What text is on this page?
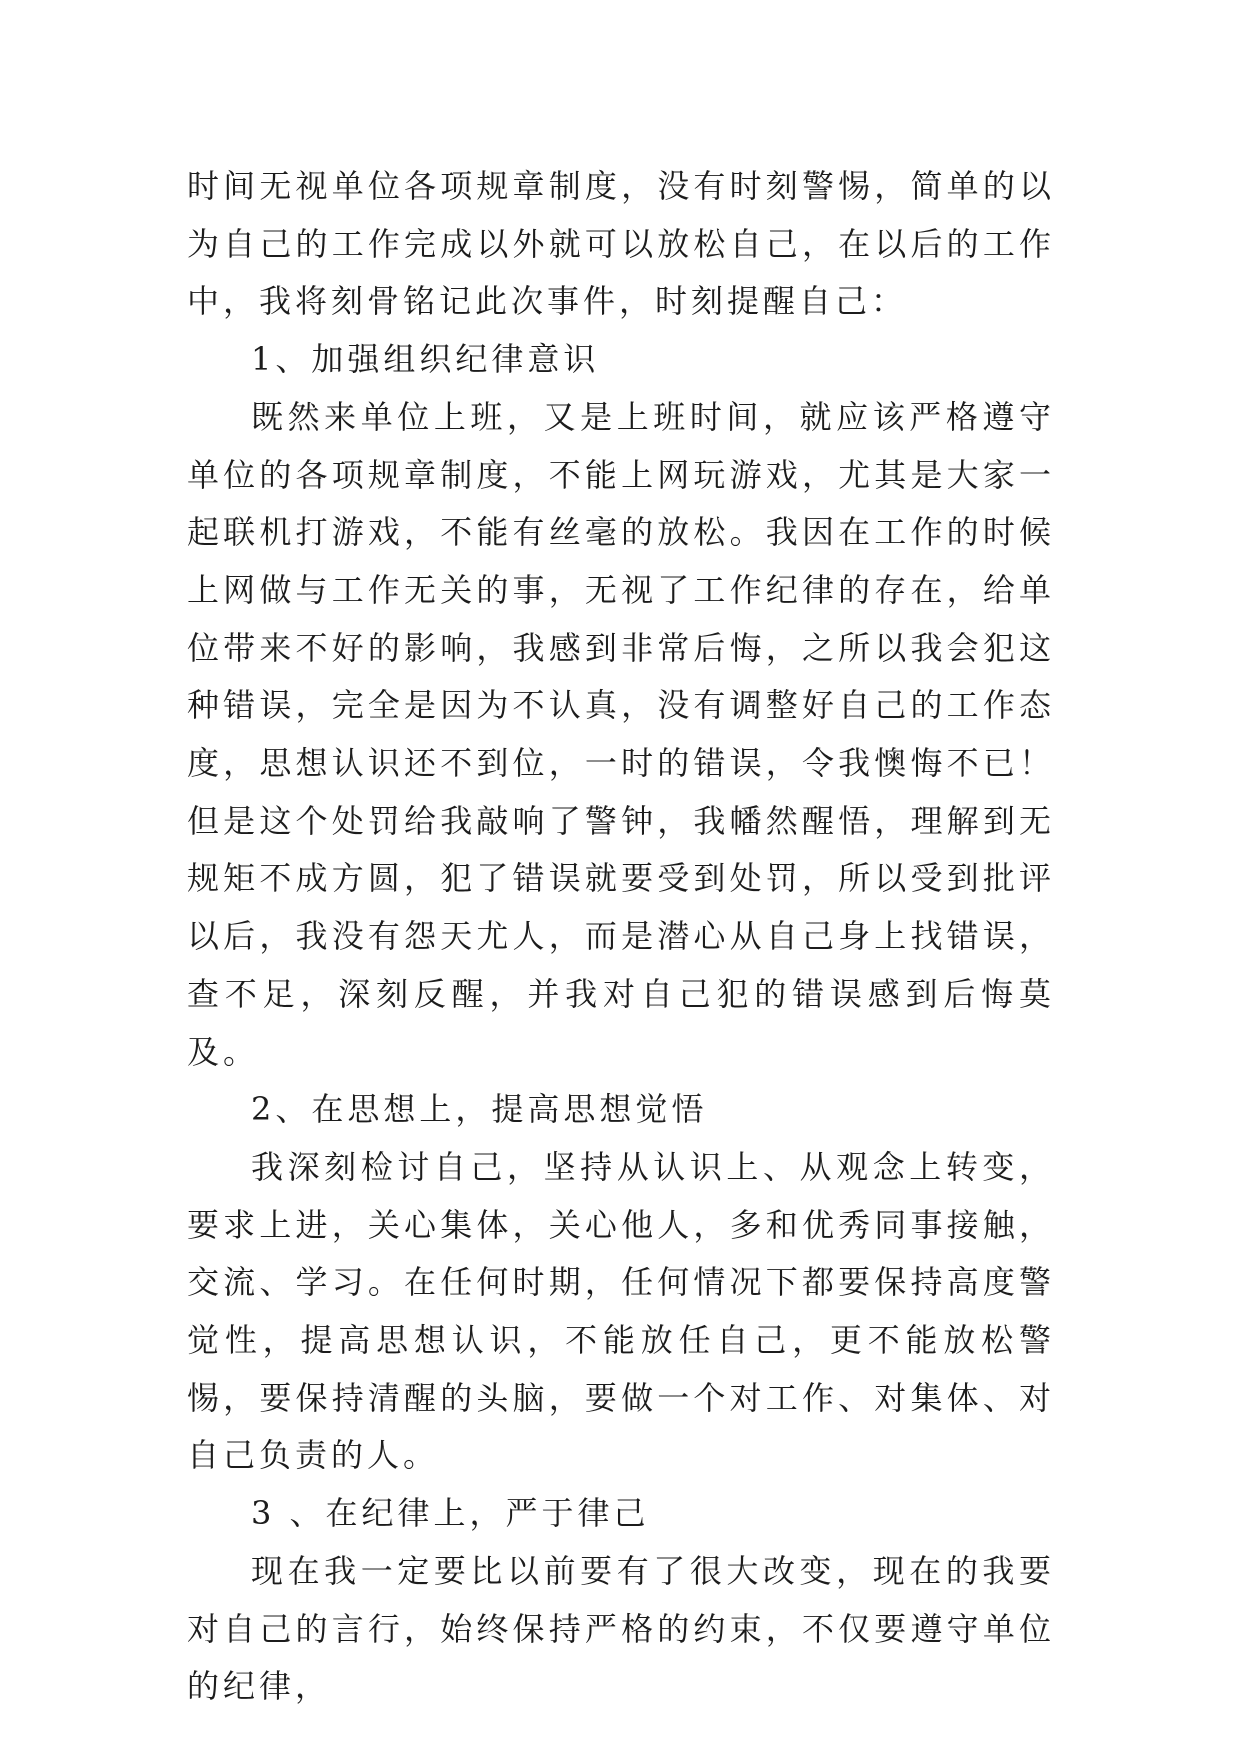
时间无视单位各项规章制度，没有时刻警惕，简单的以为自己的工作完成以外就可以放松自己，在以后的工作中，我将刻骨铭记此次事件，时刻提醒自己：

1、加强组织纪律意识

既然来单位上班，又是上班时间，就应该严格遵守单位的各项规章制度，不能上网玩游戏，尤其是大家一起联机打游戏，不能有丝毫的放松。我因在工作的时候上网做与工作无关的事，无视了工作纪律的存在，给单位带来不好的影响，我感到非常后悔，之所以我会犯这种错误，完全是因为不认真，没有调整好自己的工作态度，思想认识还不到位，一时的错误，令我懊悔不已！但是这个处罚给我敲响了警钟，我幡然醒悟，理解到无规矩不成方圆，犯了错误就要受到处罚，所以受到批评以后，我没有怨天尤人，而是潜心从自己身上找错误，查不足，深刻反醒，并我对自己犯的错误感到后悔莫及。

2、在思想上，提高思想觉悟

我深刻检讨自己，坚持从认识上、从观念上转变，要求上进，关心集体，关心他人，多和优秀同事接触，交流、学习。在任何时期，任何情况下都要保持高度警觉性，提高思想认识，不能放任自己，更不能放松警惕，要保持清醒的头脑，要做一个对工作、对集体、对自己负责的人。

3 、在纪律上，严于律己

现在我一定要比以前要有了很大改变，现在的我要对自己的言行，始终保持严格的约束，不仅要遵守单位的纪律，
